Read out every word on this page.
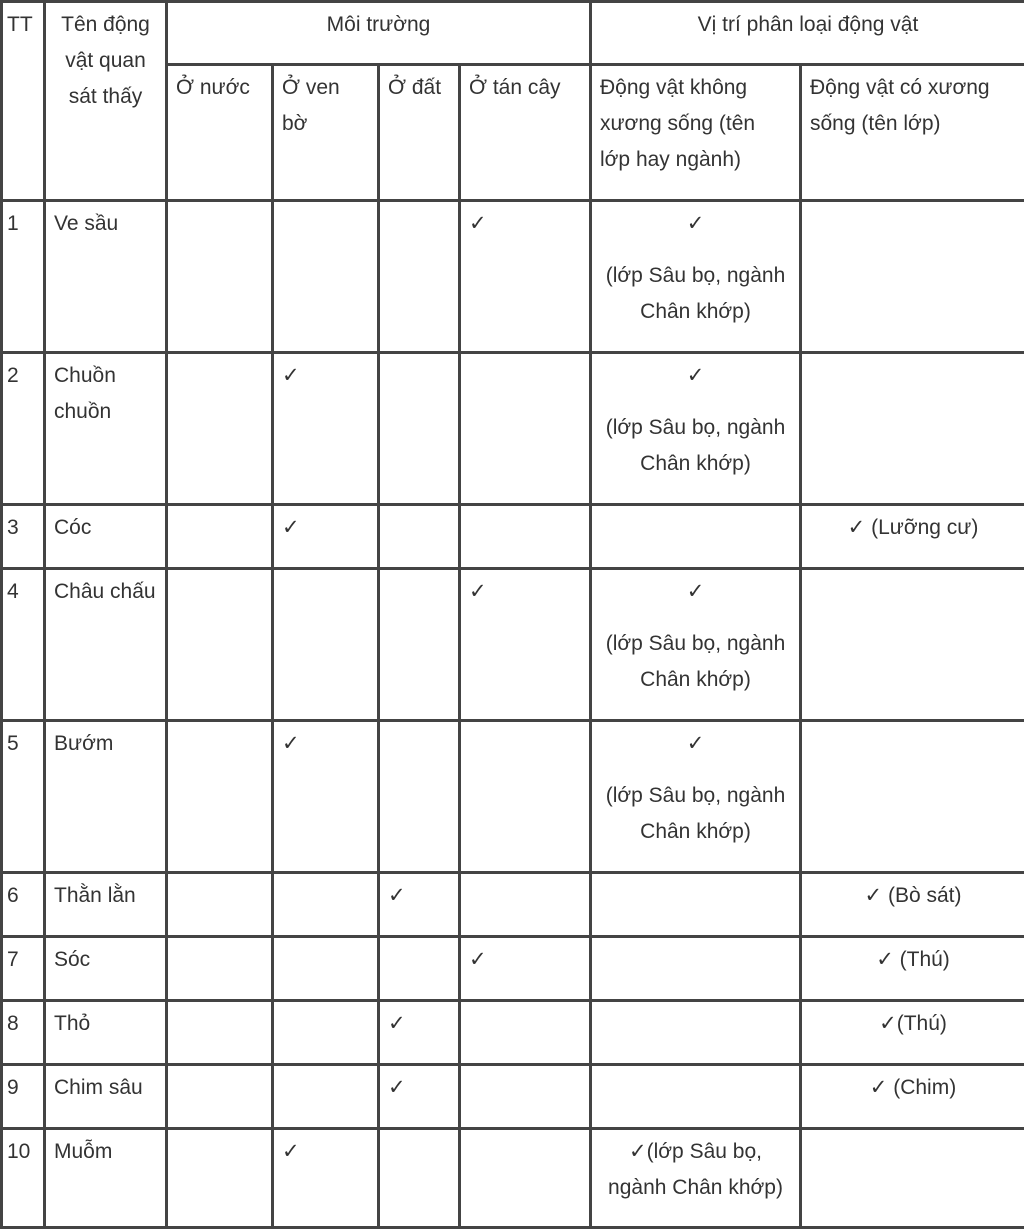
TT	Tên động vật quan sát thấy	Môi trường				Vị trí phân loại động vật	
		Ở nước	Ở ven bờ	Ở đất	Ở tán cây	Động vật không xương sống (tên lớp hay ngành)	Động vật có xương sống (tên lớp)
1	Ve sầu				✓	✓
(lớp Sâu bọ, ngành Chân khớp)	

2	Chuồn chuồn		✓			✓
(lớp Sâu bọ, ngành Chân khớp)	

3	Cóc		✓				✓ (Lưỡng cư)
4	Châu chấu				✓	✓
(lớp Sâu bọ, ngành Chân khớp)	

5	Bướm		✓			✓
(lớp Sâu bọ, ngành Chân khớp)	

6	Thằn lằn			✓			✓ (Bò sát)
7	Sóc				✓		✓ (Thú)
8	Thỏ			✓			✓(Thú)
9	Chim sâu			✓			✓ (Chim)
10	Muỗm		✓			✓(lớp Sâu bọ, ngành Chân khớp)	
